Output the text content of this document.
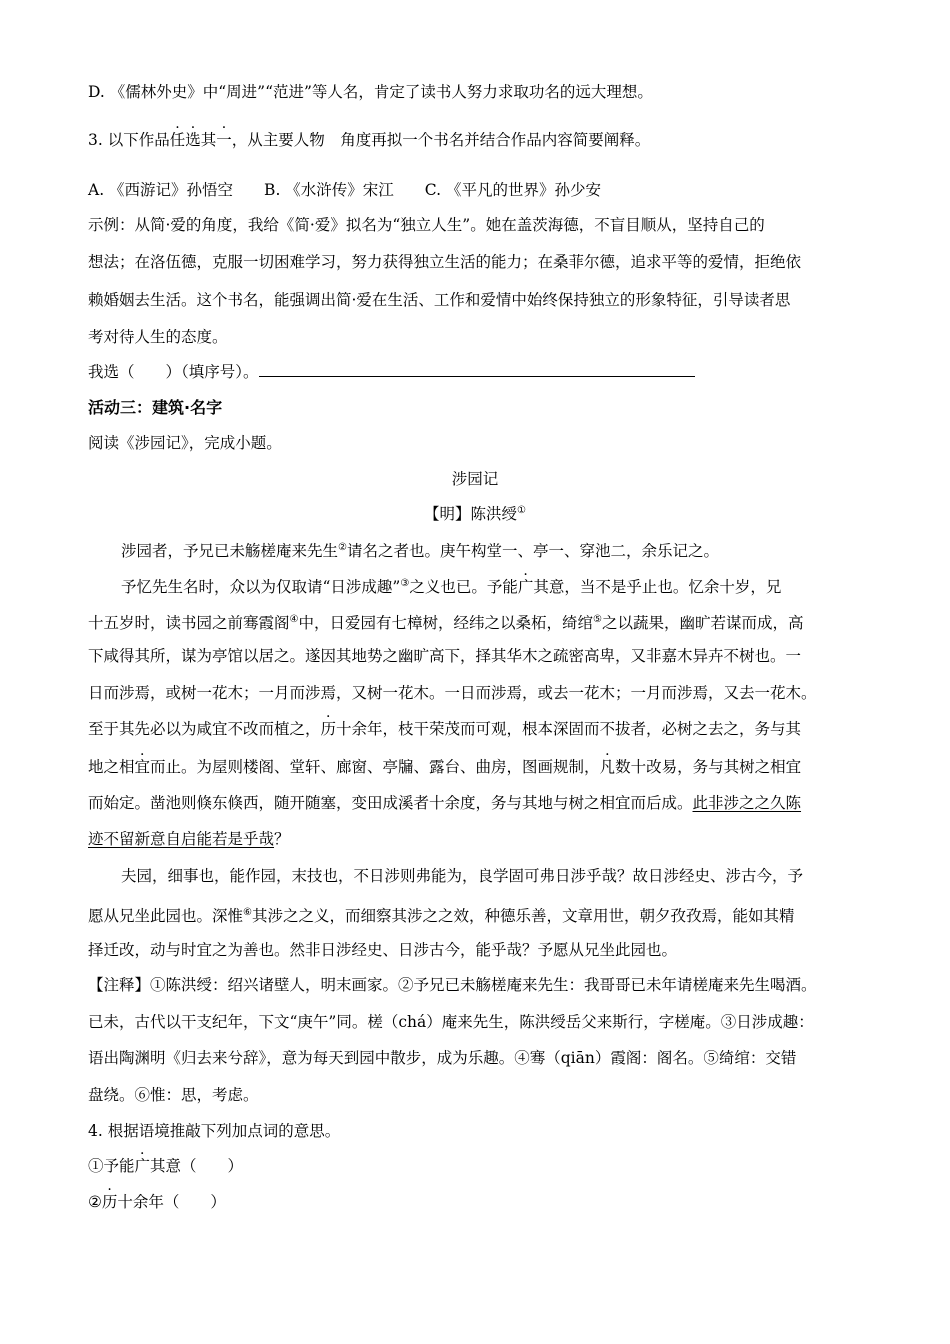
D. 《儒林外史》中“周进”“范进”等人名，肯定了读书人努力求取功名的远大理想。
3. 以下作品任选其一，从主要人物　角度再拟一个书名并结合作品内容简要阐释。
A. 《西游记》孙悟空　　B. 《水浒传》宋江　　C. 《平凡的世界》孙少安
示例：从简·爱的角度，我给《简·爱》拟名为“独立人生”。她在盖茨海德，不盲目顺从，坚持自己的
想法；在洛伍德，克服一切困难学习，努力获得独立生活的能力；在桑菲尔德，追求平等的爱情，拒绝依
赖婚姻去生活。这个书名，能强调出简·爱在生活、工作和爱情中始终保持独立的形象特征，引导读者思
考对待人生的态度。
我选（　　）（填序号）。
活动三：建筑·名字
阅读《涉园记》，完成小题。
涉园记
【明】陈洪绶①
涉园者，予兄已未觞槎庵来先生②请名之者也。庚午构堂一、亭一、穿池二，余乐记之。
予忆先生名时，众以为仅取请“日涉成趣”③之义也已。予能广其意，当不是乎止也。忆余十岁，兄
十五岁时，读书园之前骞霞阁④中，日爱园有七樟树，经纬之以桑柘，绮绾⑤之以蔬果，幽旷若谋而成，高
下咸得其所，谋为亭馆以居之。遂因其地势之幽旷高下，择其华木之疏密高卑，又非嘉木异卉不树也。一
日而涉焉，或树一花木；一月而涉焉，又树一花木。一日而涉焉，或去一花木；一月而涉焉，又去一花木。
至于其先必以为咸宜不改而植之，历十余年，枝干荣茂而可观，根本深固而不拔者，必树之去之，务与其
地之相宜而止。为屋则楼阁、堂轩、廊窗、亭牖、露台、曲房，图画规制，凡数十改易，务与其树之相宜
而始定。凿池则倏东倏西，随开随塞，变田成溪者十余度，务与其地与树之相宜而后成。此非涉之之久陈
迹不留新意自启能若是乎哉？
夫园，细事也，能作园，末技也，不日涉则弗能为，良学固可弗日涉乎哉？故日涉经史、涉古今，予
愿从兄坐此园也。深惟⑥其涉之之义，而细察其涉之之效，种德乐善，文章用世，朝夕孜孜焉，能如其精
择迁改，动与时宜之为善也。然非日涉经史、日涉古今，能乎哉？予愿从兄坐此园也。
【注释】①陈洪绶：绍兴诸壁人，明末画家。②予兄已未觞槎庵来先生：我哥哥已未年请槎庵来先生喝酒。
已未，古代以干支纪年，下文“庚午”同。槎（chá）庵来先生，陈洪绶岳父来斯行，字槎庵。③日涉成趣：
语出陶渊明《归去来兮辞》，意为每天到园中散步，成为乐趣。④骞（qiān）霞阁：阁名。⑤绮绾：交错
盘绕。⑥惟：思，考虑。
4. 根据语境推敲下列加点词的意思。
①予能广其意（　　）
②历十余年（　　）
